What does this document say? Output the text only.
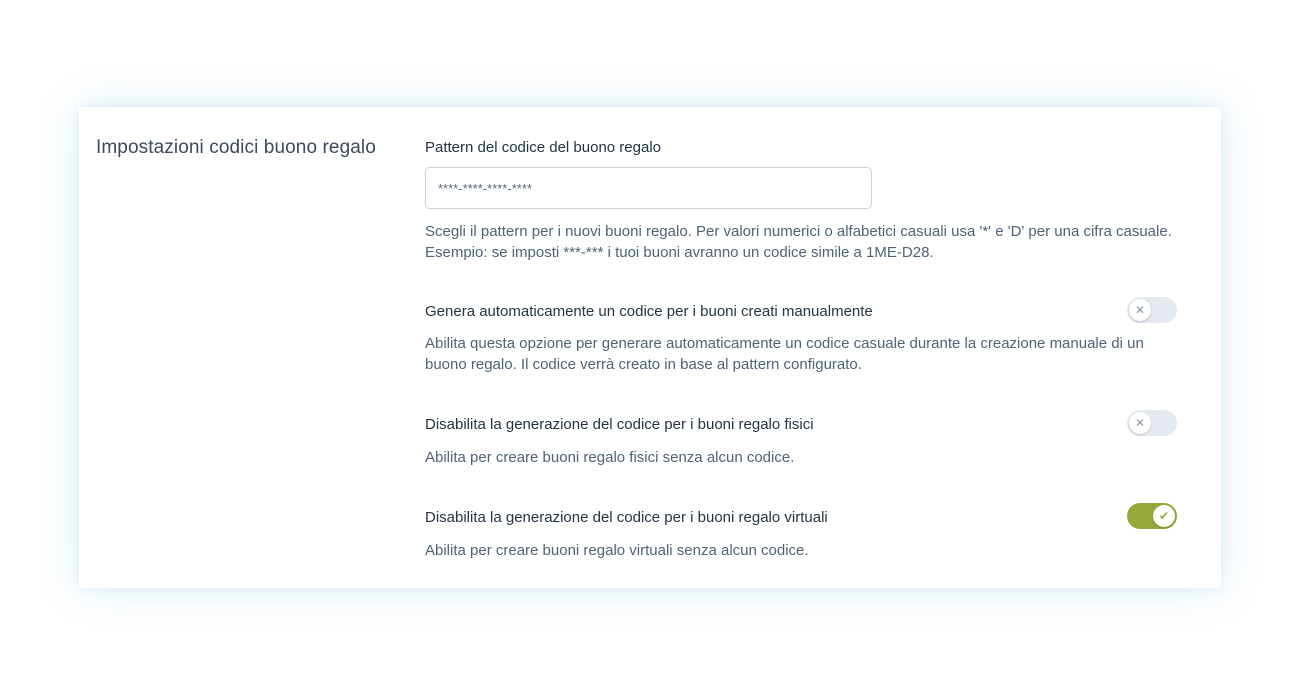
Impostazioni codici buono regalo	Pattern del codice del buono regalo
****-****-****-****
Scegli il pattern per i nuovi buoni regalo. Per valori numerici o alfabetici casuali usa '*' e 'D' per una cifra casuale.
Esempio: se imposti ***-*** i tuoi buoni avranno un codice simile a 1ME-D28.
Genera automaticamente un codice per i buoni creati manualmente	✕
Abilita questa opzione per generare automaticamente un codice casuale durante la creazione manuale di un buono regalo. Il codice verrà creato in base al pattern configurato.
Disabilita la generazione del codice per i buoni regalo fisici	✕
Abilita per creare buoni regalo fisici senza alcun codice.
Disabilita la generazione del codice per i buoni regalo virtuali	✔
Abilita per creare buoni regalo virtuali senza alcun codice.
